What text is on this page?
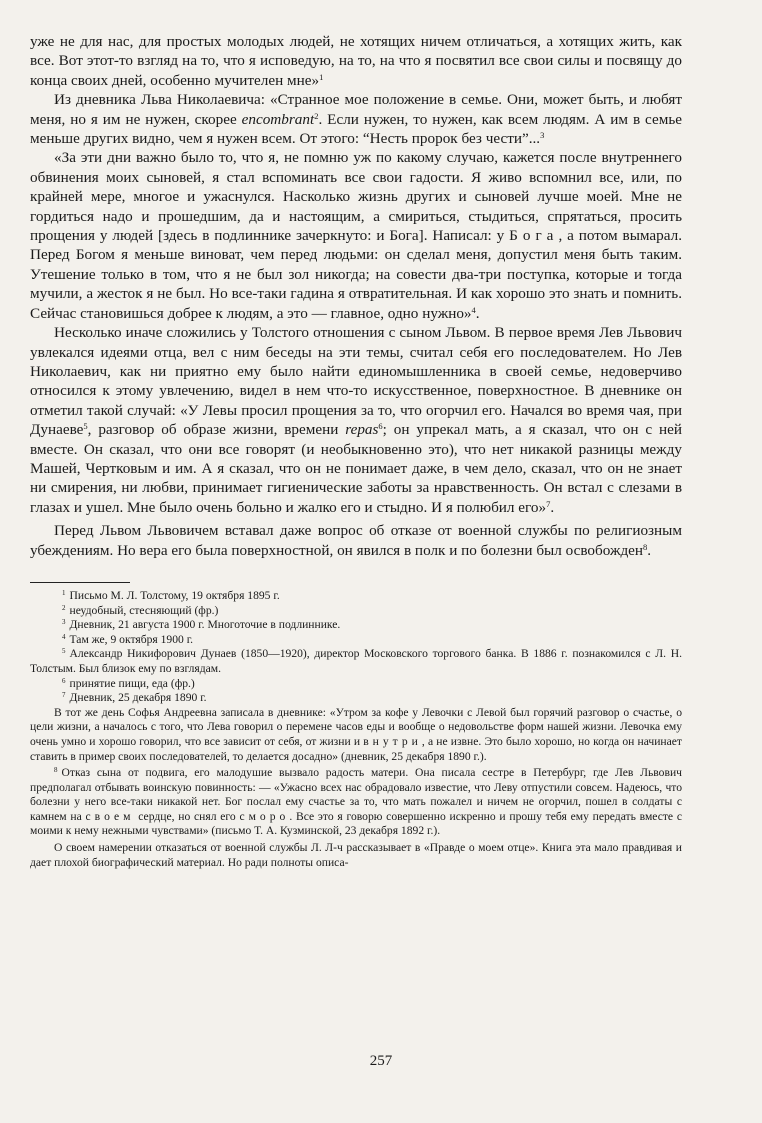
уже не для нас, для простых молодых людей, не хотящих ничем отличаться, а хотящих жить, как все. Вот этот-то взгляд на то, что я исповедую, на то, на что я посвятил все свои силы и посвящу до конца своих дней, особенно мучителен мне»$^1$

Из дневника Льва Николаевича: «Странное мое положение в семье. Они, может быть, и любят меня, но я им не нужен, скорее encombrant$^2$. Если нужен, то нужен, как всем людям. А им в семье меньше других видно, чем я нужен всем. От этого: “Несть пророк без чести”...$^3$

«За эти дни важно было то, что я, не помню уж по какому случаю, кажется после внутреннего обвинения моих сыновей, я стал вспоминать все свои гадости. Я живо вспомнил все, или, по крайней мере, многое и ужаснулся. Насколько жизнь других и сыновей лучше моей. Мне не гордиться надо и прошедшим, да и настоящим, а смириться, стыдиться, спрятаться, просить прощения у людей [здесь в подлиннике зачеркнуто: и Бога]. Написал: у Бога, а потом вымарал. Перед Богом я меньше виноват, чем перед людьми: он сделал меня, допустил меня быть таким. Утешение только в том, что я не был зол никогда; на совести два-три поступка, которые и тогда мучили, а жесток я не был. Но все-таки гадина я отвратительная. И как хорошо это знать и помнить. Сейчас становишься добрее к людям, а это — главное, одно нужно»$^4$.

Несколько иначе сложились у Толстого отношения с сыном Львом. В первое время Лев Львович увлекался идеями отца, вел с ним беседы на эти темы, считал себя его последователем. Но Лев Николаевич, как ни приятно ему было найти единомышленника в своей семье, недоверчиво относился к этому увлечению, видел в нем что-то искусственное, поверхностное. В дневнике он отметил такой случай: «У Левы просил прощения за то, что огорчил его. Начался во время чая, при Дунаеве$^5$, разговор об образе жизни, времени repas$^6$; он упрекал мать, а я сказал, что он с ней вместе. Он сказал, что они все говорят (и необыкновенно это), что нет никакой разницы между Машей, Чертковым и им. А я сказал, что он не понимает даже, в чем дело, сказал, что он не знает ни смирения, ни любви, принимает гигиенические заботы за нравственность. Он встал с слезами в глазах и ушел. Мне было очень больно и жалко его и стыдно. И я полюбил его»$^7$.

Перед Львом Львовичем вставал даже вопрос об отказе от военной службы по религиозным убеждениям. Но вера его была поверхностной, он явился в полк и по болезни был освобожден$^8$.

$^1$ Письмо М. Л. Толстому, 19 октября 1895 г.
$^2$ неудобный, стесняющий (фр.)
$^3$ Дневник, 21 августа 1900 г. Многоточие в подлиннике.
$^4$ Там же, 9 октября 1900 г.
$^5$ Александр Никифорович Дунаев (1850—1920), директор Московского торгового банка. В 1886 г. познакомился с Л. Н. Толстым. Был близок ему по взглядам.
$^6$ принятие пищи, еда (фр.)
$^7$ Дневник, 25 декабря 1890 г.
В тот же день Софья Андреевна записала в дневнике: «Утром за кофе у Левочки с Левой был горячий разговор о счастье, о цели жизни, а началось с того, что Лева говорил о перемене часов еды и вообще о недовольстве форм нашей жизни. Левочка ему очень умно и хорошо говорил, что все зависит от себя, от жизни и внутри, а не извне. Это было хорошо, но когда он начинает ставить в пример своих последователей, то делается досадно» (дневник, 25 декабря 1890 г.).
$^8$ Отказ сына от подвига, его малодушие вызвало радость матери. Она писала сестре в Петербург, где Лев Львович предполагал отбывать воинскую повинность: — «Ужасно всех нас обрадовало известие, что Леву отпустили совсем. Надеюсь, что болезни у него все-таки никакой нет. Бог послал ему счастье за то, что мать пожалел и ничем не огорчил, пошел в солдаты с камнем на своем сердце, но снял его сморо. Все это я говорю совершенно искренно и прошу тебя ему передать вместе с моими к нему нежными чувствами» (письмо Т. А. Кузминской, 23 декабря 1892 г.).
О своем намерении отказаться от военной службы Л. Л-ч рассказывает в «Правде о моем отце». Книга эта мало правдивая и дает плохой биографический материал. Но ради полноты описа-
257
